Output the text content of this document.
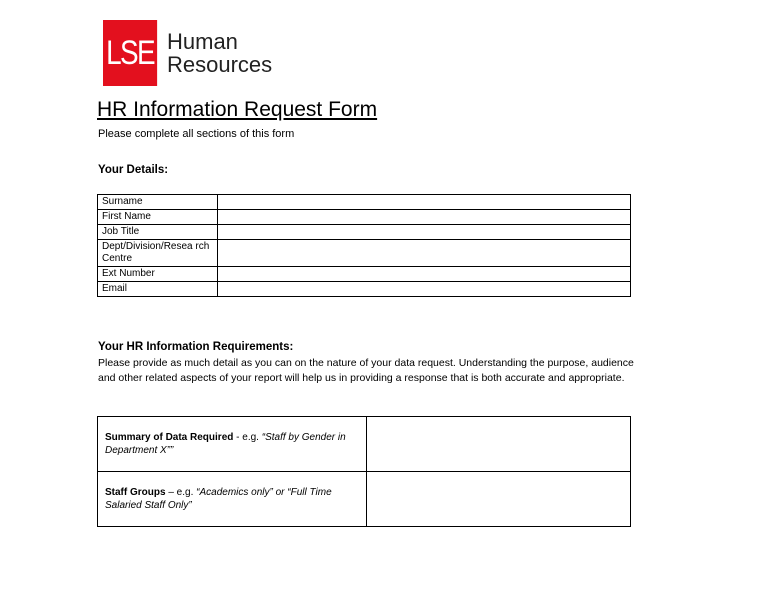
LSE Human
Resources
HR Information Request Form
Please complete all sections of this form
Your Details:
Surname	
First Name	
Job Title	
Dept/Division/Resea rch Centre	
Ext Number	
Email	
Your HR Information Requirements:
Please provide as much detail as you can on the nature of your data request. Understanding the purpose, audience and other related aspects of your report will help us in providing a response that is both accurate and appropriate.
Summary of Data Required - e.g. “Staff by Gender in Department X””	
Staff Groups – e.g. “Academics only” or “Full Time Salaried Staff Only”	
